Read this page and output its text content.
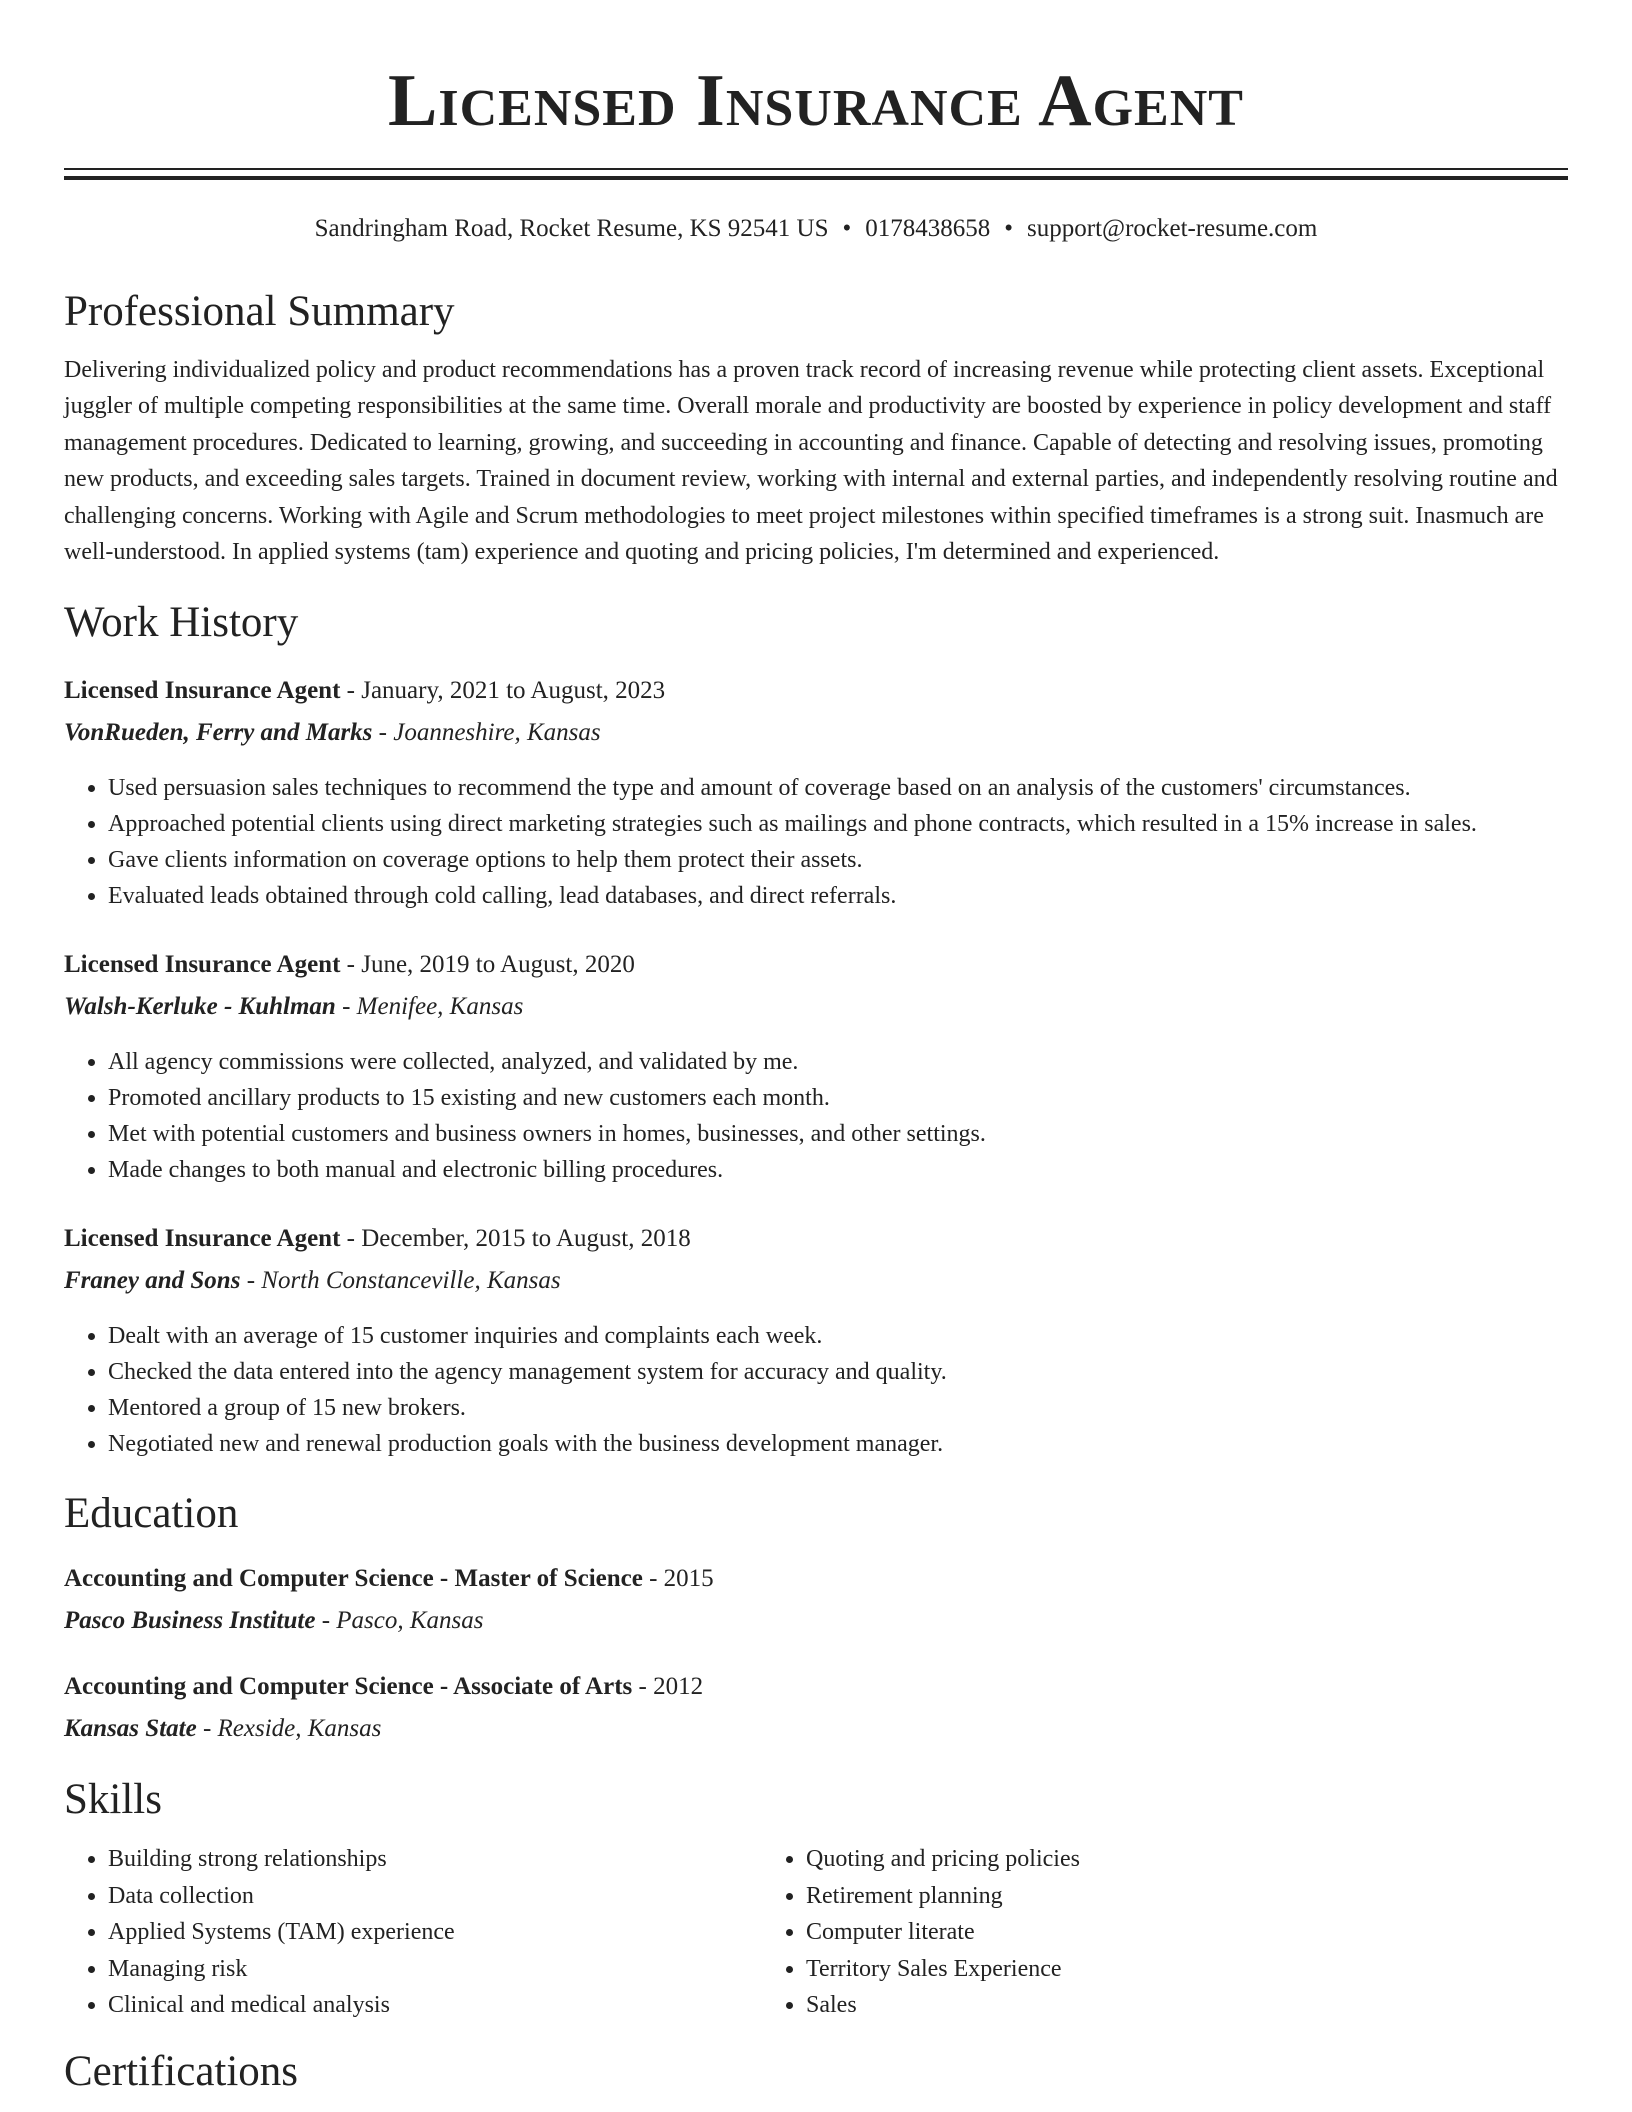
Licensed Insurance Agent
Sandringham Road, Rocket Resume, KS 92541 US • 0178438658 • support@rocket-resume.com
Professional Summary
Delivering individualized policy and product recommendations has a proven track record of increasing revenue while protecting client assets. Exceptional juggler of multiple competing responsibilities at the same time. Overall morale and productivity are boosted by experience in policy development and staff management procedures. Dedicated to learning, growing, and succeeding in accounting and finance. Capable of detecting and resolving issues, promoting new products, and exceeding sales targets. Trained in document review, working with internal and external parties, and independently resolving routine and challenging concerns. Working with Agile and Scrum methodologies to meet project milestones within specified timeframes is a strong suit. Inasmuch are well-understood. In applied systems (tam) experience and quoting and pricing policies, I'm determined and experienced.
Work History
Licensed Insurance Agent - January, 2021 to August, 2023
VonRueden, Ferry and Marks - Joanneshire, Kansas
• Used persuasion sales techniques to recommend the type and amount of coverage based on an analysis of the customers' circumstances.
• Approached potential clients using direct marketing strategies such as mailings and phone contracts, which resulted in a 15% increase in sales.
• Gave clients information on coverage options to help them protect their assets.
• Evaluated leads obtained through cold calling, lead databases, and direct referrals.
Licensed Insurance Agent - June, 2019 to August, 2020
Walsh-Kerluke - Kuhlman - Menifee, Kansas
• All agency commissions were collected, analyzed, and validated by me.
• Promoted ancillary products to 15 existing and new customers each month.
• Met with potential customers and business owners in homes, businesses, and other settings.
• Made changes to both manual and electronic billing procedures.
Licensed Insurance Agent - December, 2015 to August, 2018
Franey and Sons - North Constanceville, Kansas
• Dealt with an average of 15 customer inquiries and complaints each week.
• Checked the data entered into the agency management system for accuracy and quality.
• Mentored a group of 15 new brokers.
• Negotiated new and renewal production goals with the business development manager.
Education
Accounting and Computer Science - Master of Science - 2015
Pasco Business Institute - Pasco, Kansas
Accounting and Computer Science - Associate of Arts - 2012
Kansas State - Rexside, Kansas
Skills
• Building strong relationships
• Data collection
• Applied Systems (TAM) experience
• Managing risk
• Clinical and medical analysis
• Quoting and pricing policies
• Retirement planning
• Computer literate
• Territory Sales Experience
• Sales
Certifications
